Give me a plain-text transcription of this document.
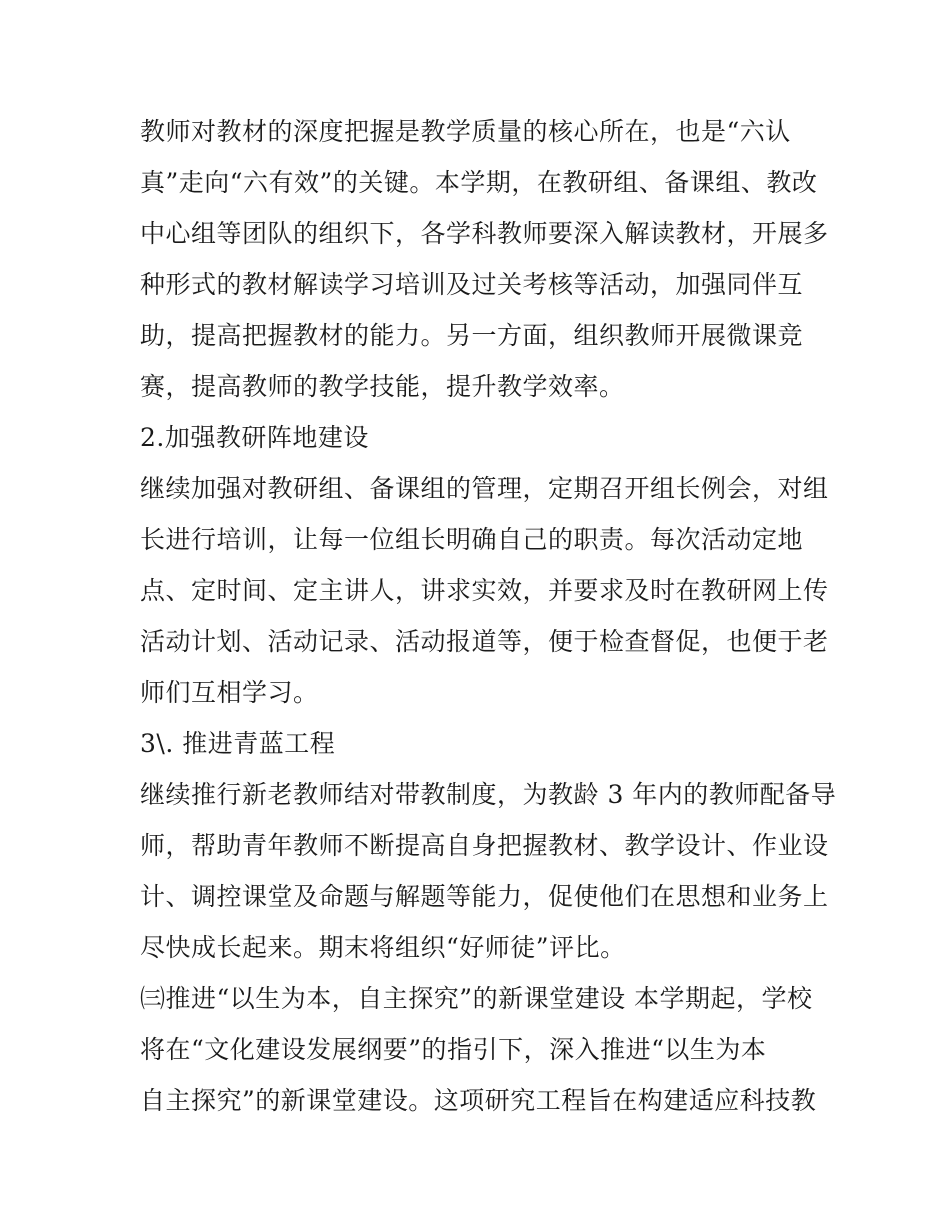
教师对教材的深度把握是教学质量的核心所在，也是“六认
真”走向“六有效”的关键。本学期，在教研组、备课组、教改
中心组等团队的组织下，各学科教师要深入解读教材，开展多
种形式的教材解读学习培训及过关考核等活动，加强同伴互
助，提高把握教材的能力。另一方面，组织教师开展微课竞
赛，提高教师的教学技能，提升教学效率。
2.加强教研阵地建设
继续加强对教研组、备课组的管理，定期召开组长例会，对组
长进行培训，让每一位组长明确自己的职责。每次活动定地
点、定时间、定主讲人，讲求实效，并要求及时在教研网上传
活动计划、活动记录、活动报道等，便于检查督促，也便于老
师们互相学习。
3\. 推进青蓝工程
继续推行新老教师结对带教制度，为教龄 3 年内的教师配备导
师，帮助青年教师不断提高自身把握教材、教学设计、作业设
计、调控课堂及命题与解题等能力，促使他们在思想和业务上
尽快成长起来。期末将组织“好师徒”评比。
㈢推进“以生为本，自主探究”的新课堂建设 本学期起，学校
将在“文化建设发展纲要”的指引下，深入推进“以生为本
自主探究”的新课堂建设。这项研究工程旨在构建适应科技教
